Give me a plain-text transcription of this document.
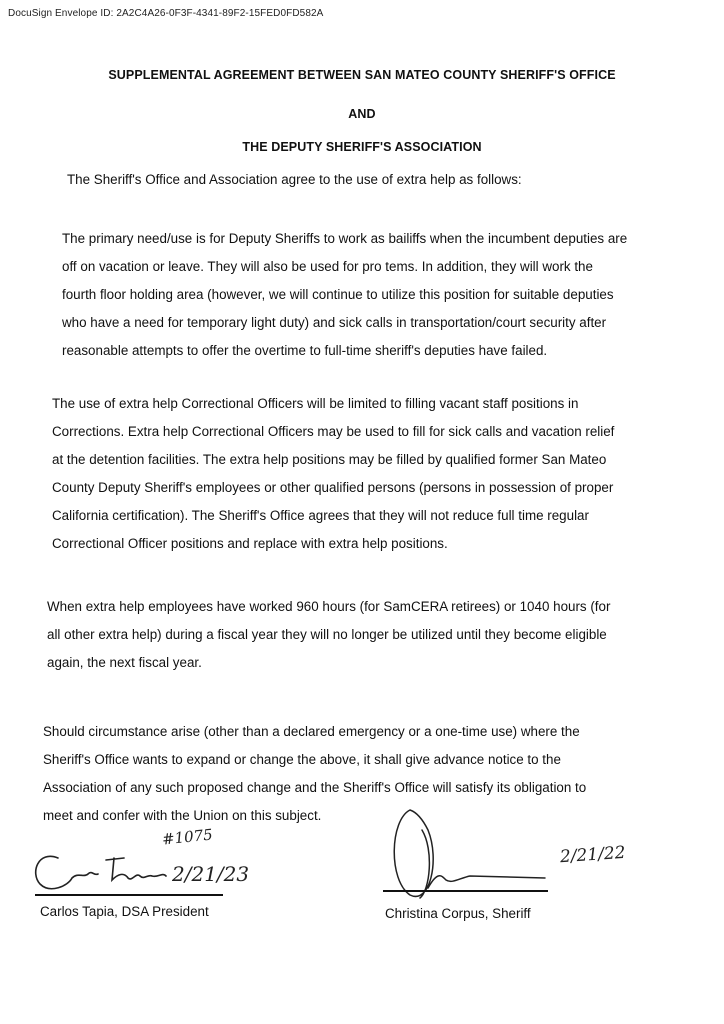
DocuSign Envelope ID: 2A2C4A26-0F3F-4341-89F2-15FED0FD582A
SUPPLEMENTAL AGREEMENT BETWEEN SAN MATEO COUNTY SHERIFF'S OFFICE
AND
THE DEPUTY SHERIFF'S ASSOCIATION
The Sheriff's Office and Association agree to the use of extra help as follows:
The primary need/use is for Deputy Sheriffs to work as bailiffs when the incumbent deputies are
off on vacation or leave. They will also be used for pro tems. In addition, they will work the
fourth floor holding area (however, we will continue to utilize this position for suitable deputies
who have a need for temporary light duty) and sick calls in transportation/court security after
reasonable attempts to offer the overtime to full-time sheriff's deputies have failed.
The use of extra help Correctional Officers will be limited to filling vacant staff positions in
Corrections. Extra help Correctional Officers may be used to fill for sick calls and vacation relief
at the detention facilities. The extra help positions may be filled by qualified former San Mateo
County Deputy Sheriff's employees or other qualified persons (persons in possession of proper
California certification). The Sheriff's Office agrees that they will not reduce full time regular
Correctional Officer positions and replace with extra help positions.
When extra help employees have worked 960 hours (for SamCERA retirees) or 1040 hours (for
all other extra help) during a fiscal year they will no longer be utilized until they become eligible
again, the next fiscal year.
Should circumstance arise (other than a declared emergency or a one-time use) where the
Sheriff's Office wants to expand or change the above, it shall give advance notice to the
Association of any such proposed change and the Sheriff's Office will satisfy its obligation to
meet and confer with the Union on this subject.
#1075
2/21/23
Carlos Tapia, DSA President
2/21/22
Christina Corpus, Sheriff
